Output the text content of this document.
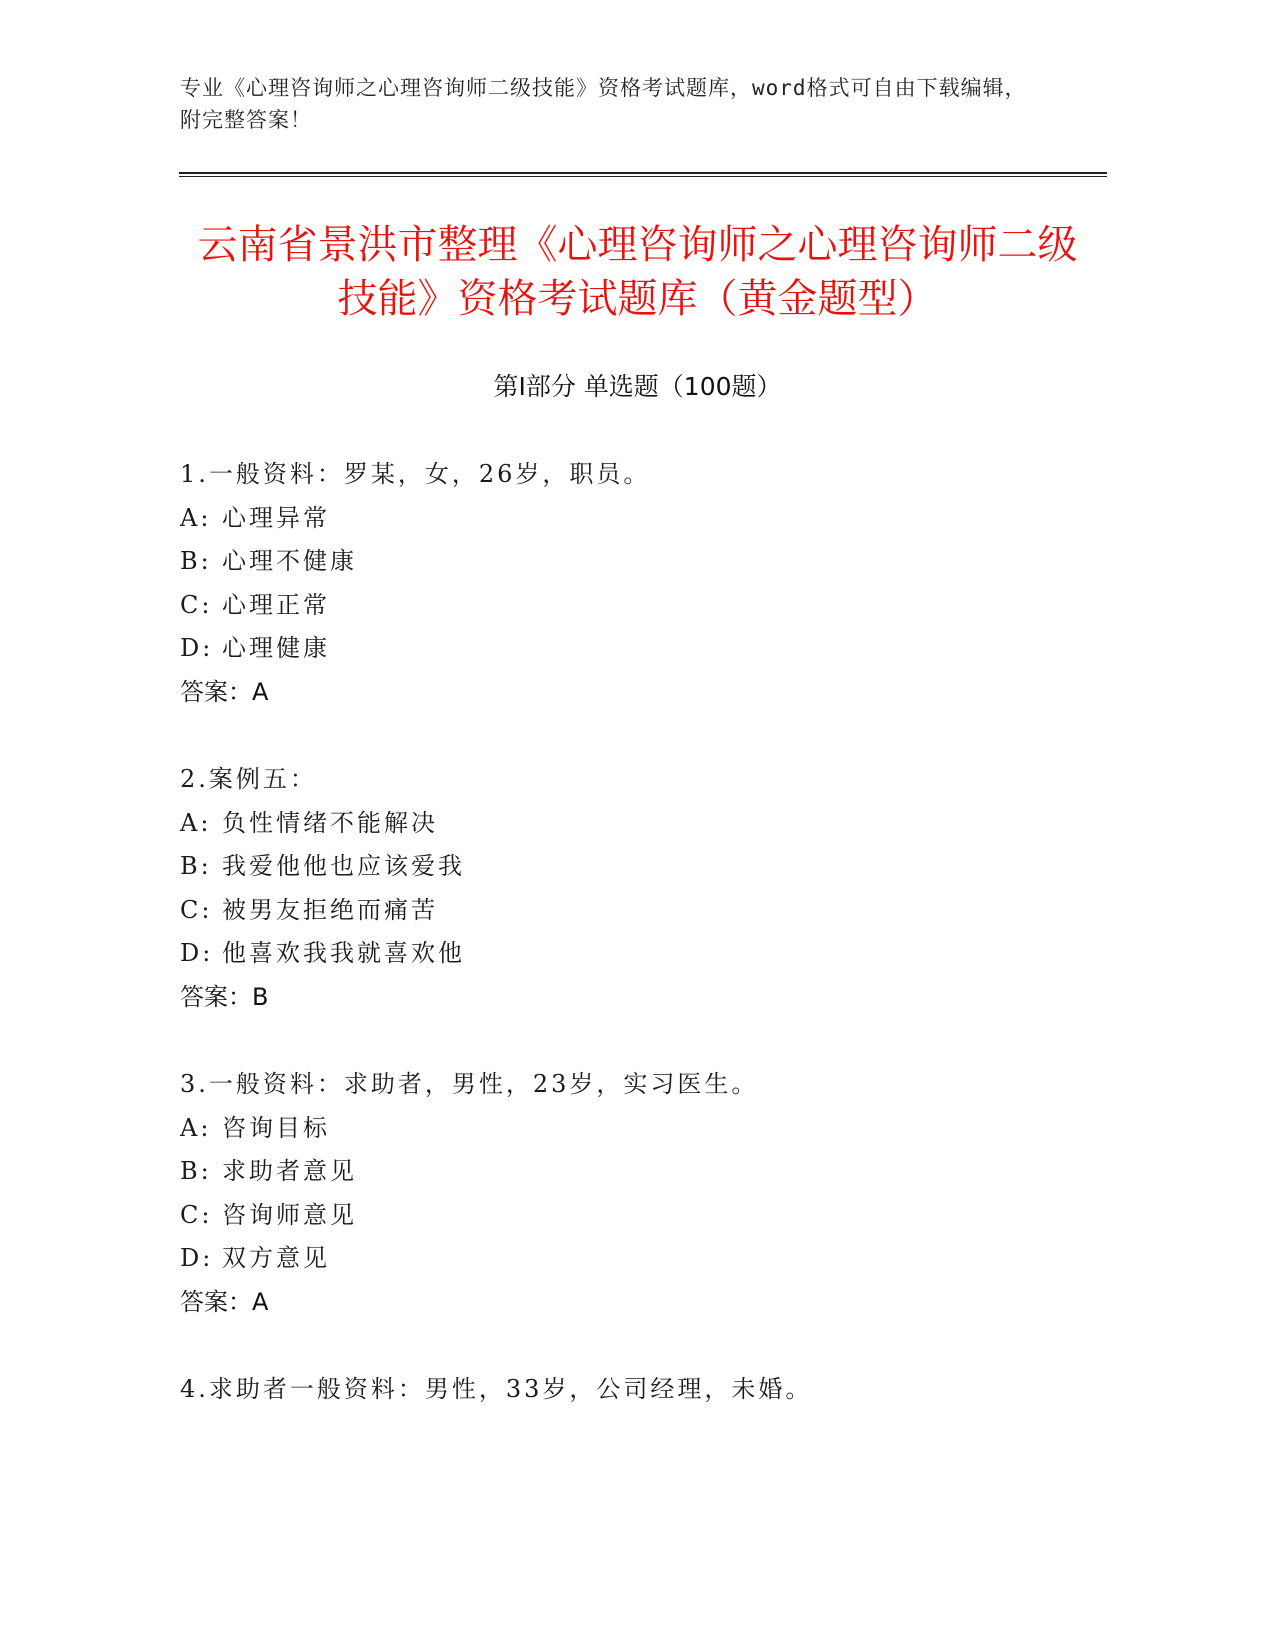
专业《心理咨询师之心理咨询师二级技能》资格考试题库，word格式可自由下载编辑，附完整答案！
云南省景洪市整理《心理咨询师之心理咨询师二级技能》资格考试题库（黄金题型）
第Ⅰ部分 单选题（100题）
1.一般资料：罗某，女，26岁，职员。
A: 心理异常
B: 心理不健康
C: 心理正常
D: 心理健康
答案：A
2.案例五：
A: 负性情绪不能解决
B: 我爱他他也应该爱我
C: 被男友拒绝而痛苦
D: 他喜欢我我就喜欢他
答案：B
3.一般资料：求助者，男性，23岁，实习医生。
A: 咨询目标
B: 求助者意见
C: 咨询师意见
D: 双方意见
答案：A
4.求助者一般资料：男性，33岁，公司经理，未婚。
